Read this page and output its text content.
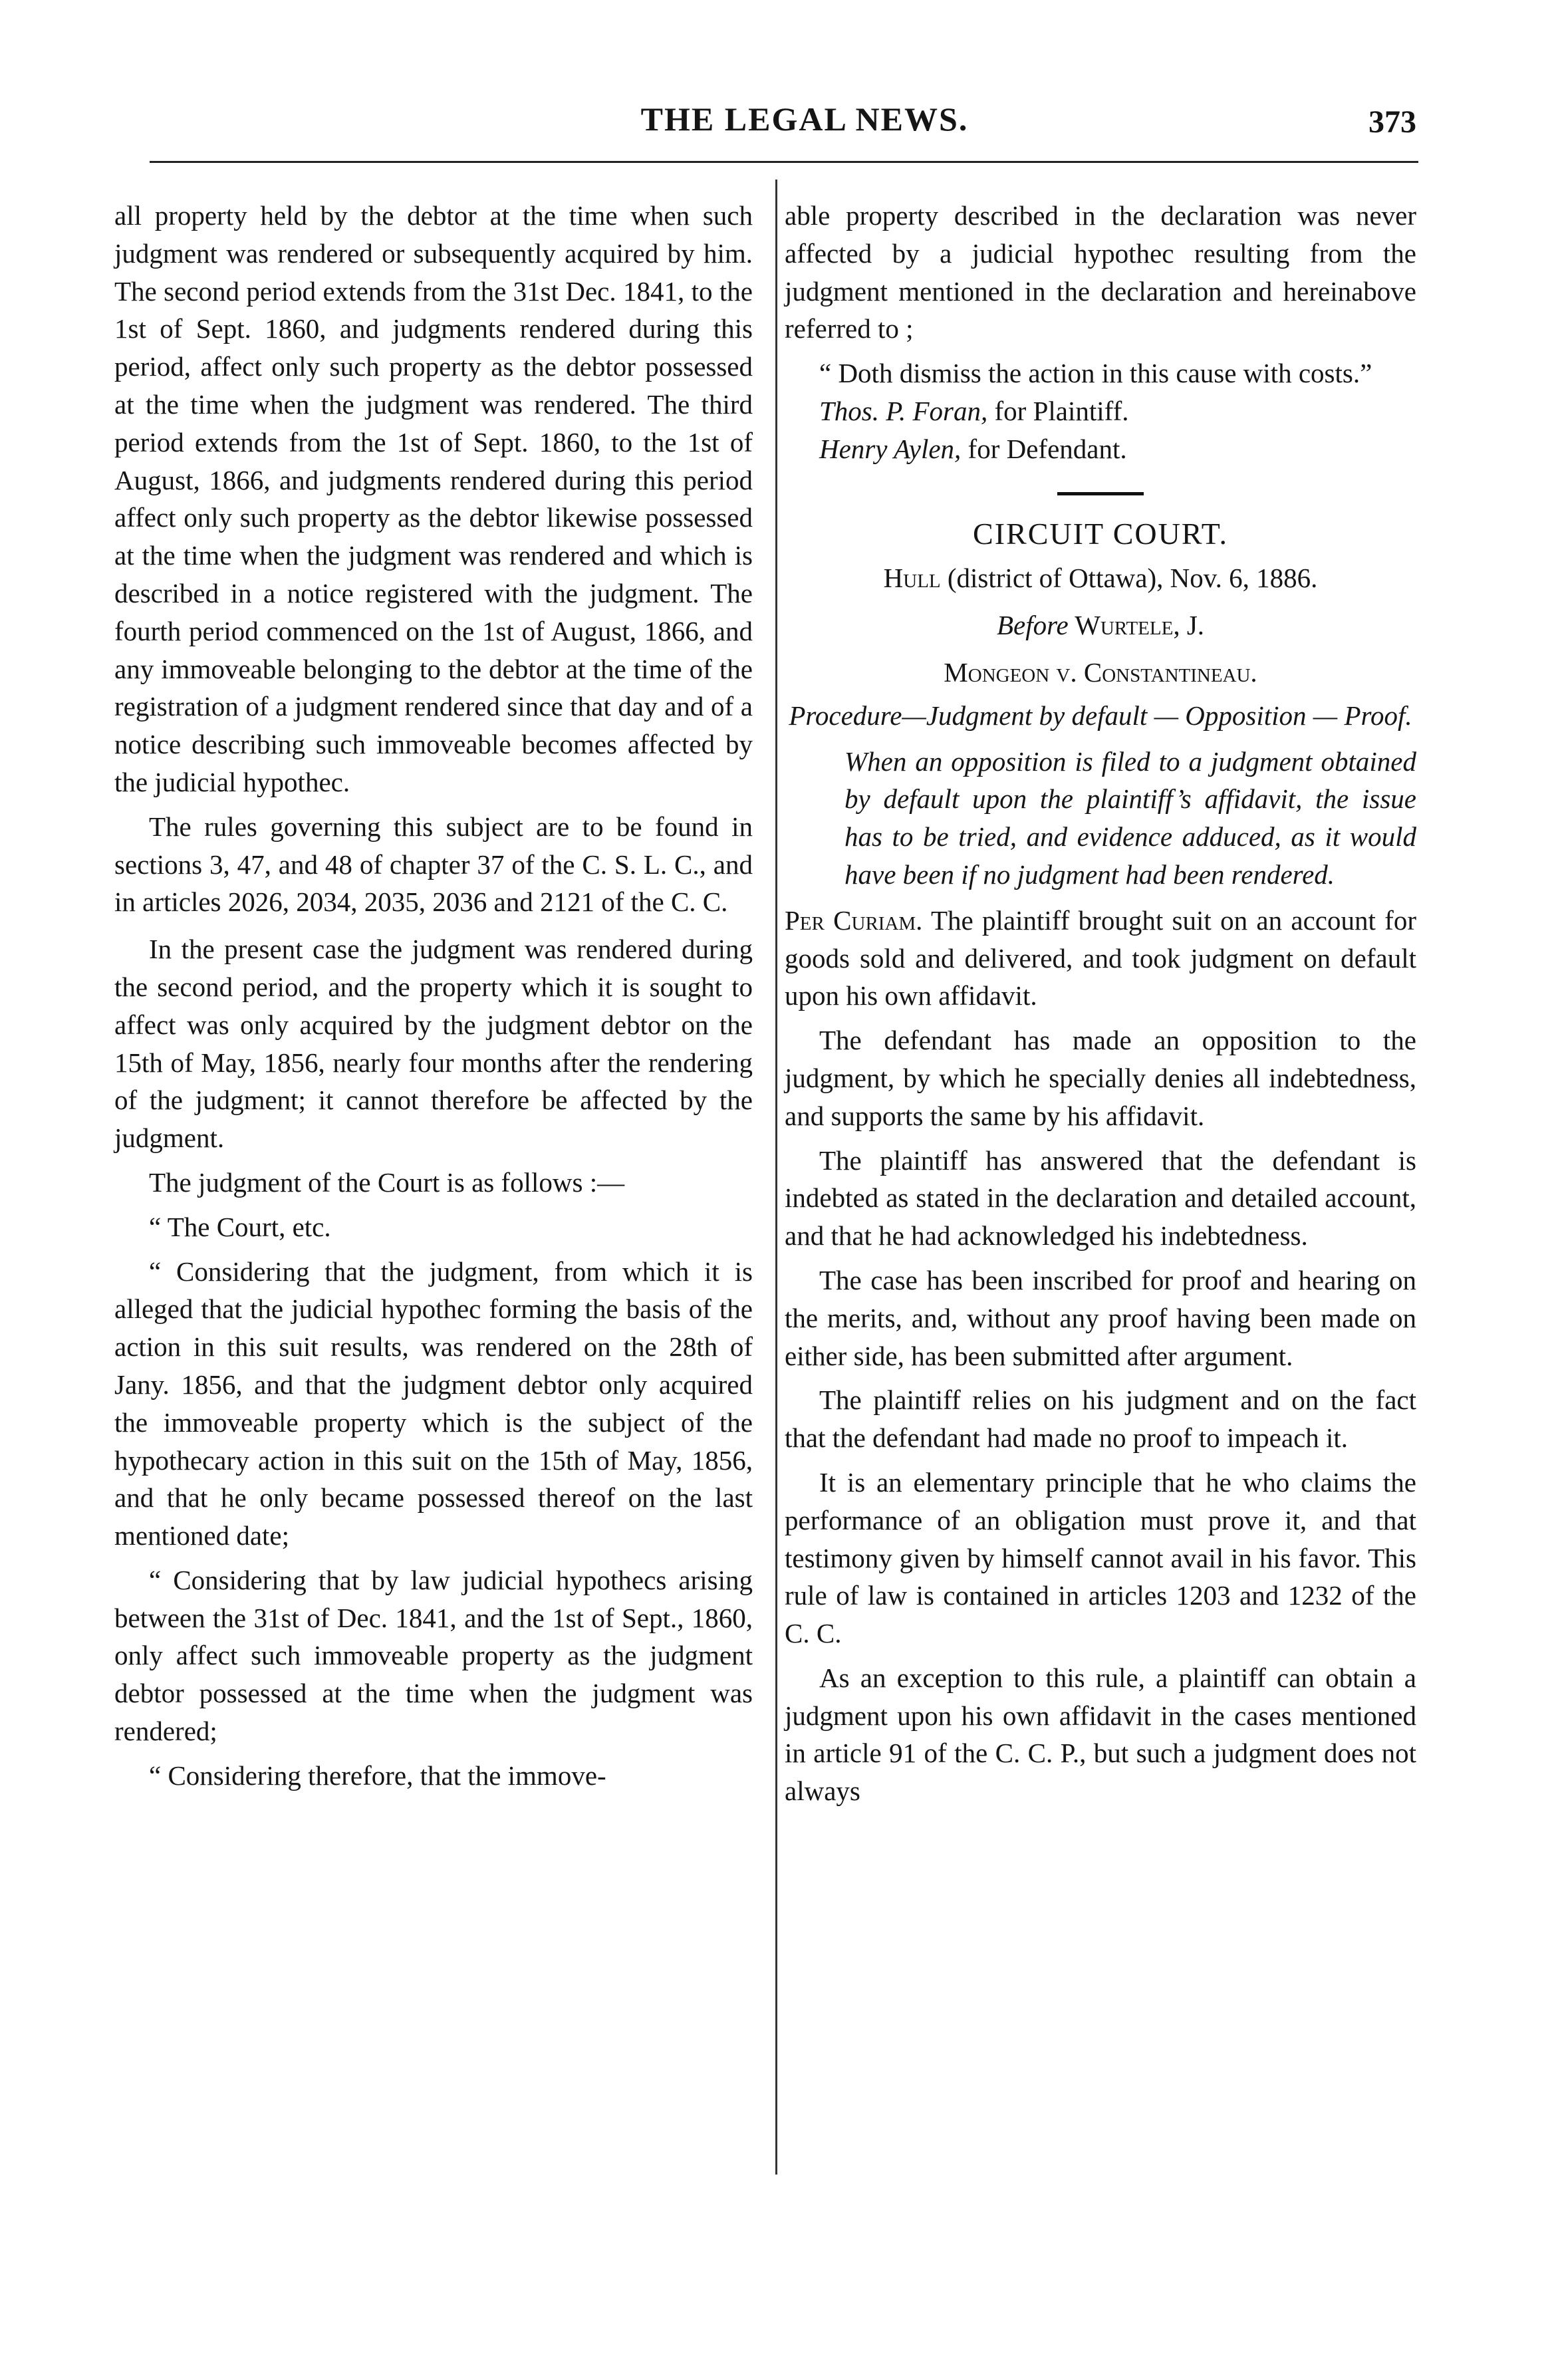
THE LEGAL NEWS.	373

all property held by the debtor at the time when such judgment was rendered or subsequently acquired by him. The second period extends from the 31st Dec. 1841, to the 1st of Sept. 1860, and judgments rendered during this period, affect only such property as the debtor possessed at the time when the judgment was rendered. The third period extends from the 1st of Sept. 1860, to the 1st of August, 1866, and judgments rendered during this period affect only such property as the debtor likewise possessed at the time when the judgment was rendered and which is described in a notice registered with the judgment. The fourth period commenced on the 1st of August, 1866, and any immoveable belonging to the debtor at the time of the registration of a judgment rendered since that day and of a notice describing such immoveable becomes affected by the judicial hypothec.

The rules governing this subject are to be found in sections 3, 47, and 48 of chapter 37 of the C. S. L. C., and in articles 2026, 2034, 2035, 2036 and 2121 of the C. C.

In the present case the judgment was rendered during the second period, and the property which it is sought to affect was only acquired by the judgment debtor on the 15th of May, 1856, nearly four months after the rendering of the judgment; it cannot therefore be affected by the judgment.

The judgment of the Court is as follows :—

“ The Court, etc.

“ Considering that the judgment, from which it is alleged that the judicial hypothec forming the basis of the action in this suit results, was rendered on the 28th of Jany. 1856, and that the judgment debtor only acquired the immoveable property which is the subject of the hypothecary action in this suit on the 15th of May, 1856, and that he only became possessed thereof on the last mentioned date;

“ Considering that by law judicial hypothecs arising between the 31st of Dec. 1841, and the 1st of Sept., 1860, only affect such immoveable property as the judgment debtor possessed at the time when the judgment was rendered;

“ Considering therefore, that the immove-

able property described in the declaration was never affected by a judicial hypothec resulting from the judgment mentioned in the declaration and hereinabove referred to ;

“ Doth dismiss the action in this cause with costs.”

Thos. P. Foran, for Plaintiff.

Henry Aylen, for Defendant.

CIRCUIT COURT.

Hull (district of Ottawa), Nov. 6, 1886.

Before Wurtele, J.

Mongeon v. Constantineau.

Procedure—Judgment by default — Opposition — Proof.

When an opposition is filed to a judgment obtained by default upon the plaintiff’s affidavit, the issue has to be tried, and evidence adduced, as it would have been if no judgment had been rendered.

Per Curiam. The plaintiff brought suit on an account for goods sold and delivered, and took judgment on default upon his own affidavit.

The defendant has made an opposition to the judgment, by which he specially denies all indebtedness, and supports the same by his affidavit.

The plaintiff has answered that the defendant is indebted as stated in the declaration and detailed account, and that he had acknowledged his indebtedness.

The case has been inscribed for proof and hearing on the merits, and, without any proof having been made on either side, has been submitted after argument.

The plaintiff relies on his judgment and on the fact that the defendant had made no proof to impeach it.

It is an elementary principle that he who claims the performance of an obligation must prove it, and that testimony given by himself cannot avail in his favor. This rule of law is contained in articles 1203 and 1232 of the C. C.

As an exception to this rule, a plaintiff can obtain a judgment upon his own affidavit in the cases mentioned in article 91 of the C. C. P., but such a judgment does not always
